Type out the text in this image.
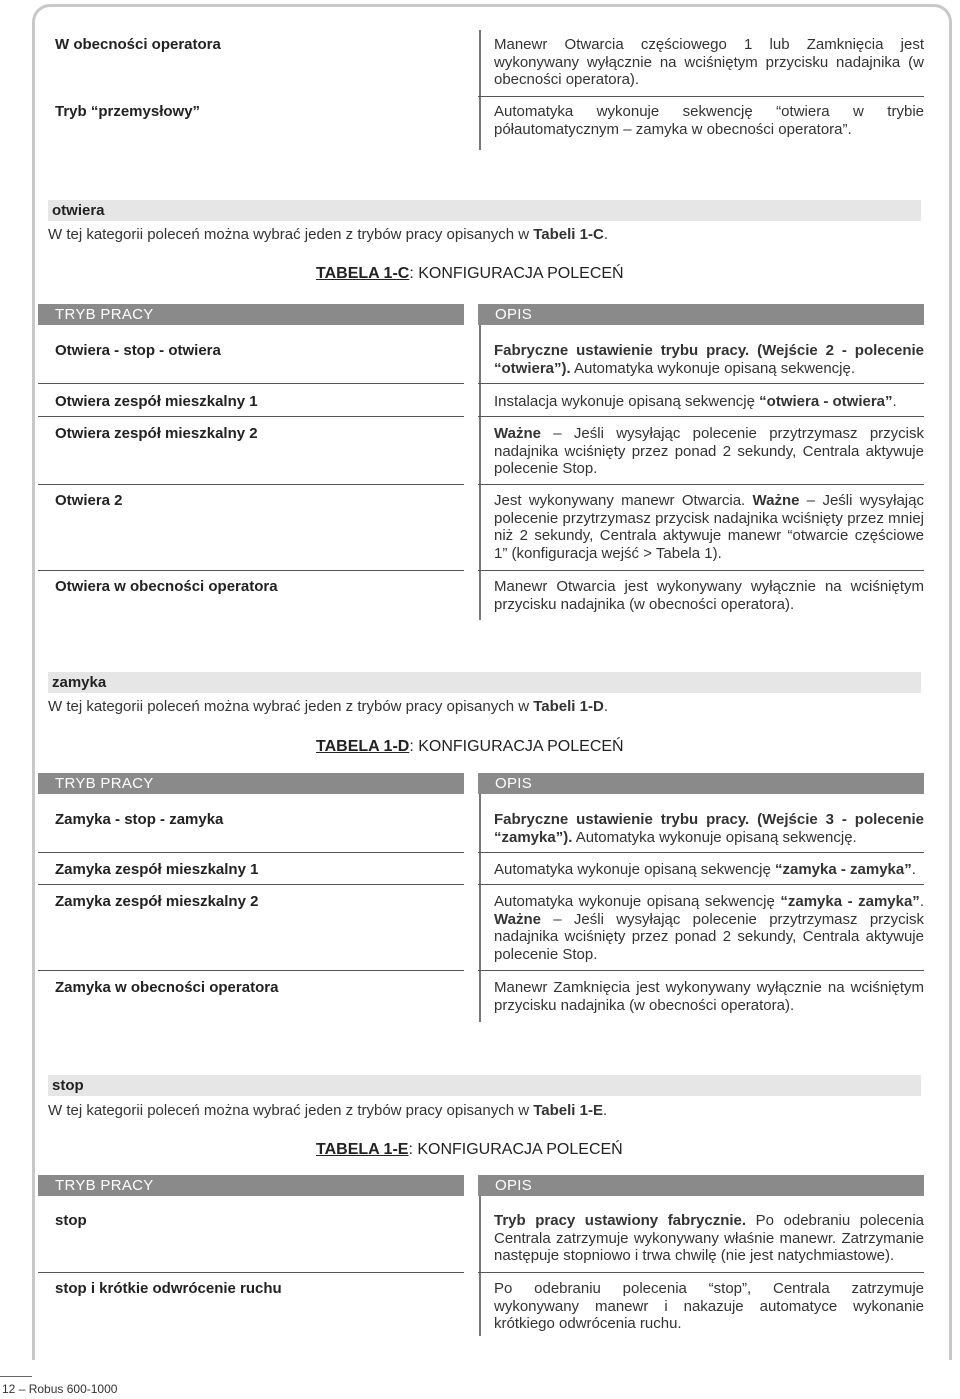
W obecności operatora	Manewr Otwarcia częściowego 1 lub Zamknięcia jest wykonywany wyłącznie na wciśniętym przycisku nadajnika (w obecności operatora).
Tryb “przemysłowy”	Automatyka wykonuje sekwencję “otwiera w trybie półautomatycznym – zamyka w obecności operatora”.
otwiera
W tej kategorii poleceń można wybrać jeden z trybów pracy opisanych w Tabeli 1-C.
TABELA 1-C: KONFIGURACJA POLECEŃ
TRYB PRACY	OPIS
Otwiera - stop - otwiera	Fabryczne ustawienie trybu pracy. (Wejście 2 - polecenie “otwiera”). Automatyka wykonuje opisaną sekwencję.
Otwiera zespół mieszkalny 1	Instalacja wykonuje opisaną sekwencję “otwiera - otwiera”.
Otwiera zespół mieszkalny 2	Ważne – Jeśli wysyłając polecenie przytrzymasz przycisk nadajnika wciśnięty przez ponad 2 sekundy, Centrala aktywuje polecenie Stop.
Otwiera 2	Jest wykonywany manewr Otwarcia. Ważne – Jeśli wysyłając polecenie przytrzymasz przycisk nadajnika wciśnięty przez mniej niż 2 sekundy, Centrala aktywuje manewr “otwarcie częściowe 1” (konfiguracja wejść > Tabela 1).
Otwiera w obecności operatora	Manewr Otwarcia jest wykonywany wyłącznie na wciśniętym przycisku nadajnika (w obecności operatora).
zamyka
W tej kategorii poleceń można wybrać jeden z trybów pracy opisanych w Tabeli 1-D.
TABELA 1-D: KONFIGURACJA POLECEŃ
TRYB PRACY	OPIS
Zamyka - stop - zamyka	Fabryczne ustawienie trybu pracy. (Wejście 3 - polecenie “zamyka”). Automatyka wykonuje opisaną sekwencję.
Zamyka zespół mieszkalny 1	Automatyka wykonuje opisaną sekwencję “zamyka - zamyka”.
Zamyka zespół mieszkalny 2	Automatyka wykonuje opisaną sekwencję “zamyka - zamyka”. Ważne – Jeśli wysyłając polecenie przytrzymasz przycisk nadajnika wciśnięty przez ponad 2 sekundy, Centrala aktywuje polecenie Stop.
Zamyka w obecności operatora	Manewr Zamknięcia jest wykonywany wyłącznie na wciśniętym przycisku nadajnika (w obecności operatora).
stop
W tej kategorii poleceń można wybrać jeden z trybów pracy opisanych w Tabeli 1-E.
TABELA 1-E: KONFIGURACJA POLECEŃ
TRYB PRACY	OPIS
stop	Tryb pracy ustawiony fabrycznie. Po odebraniu polecenia Centrala zatrzymuje wykonywany właśnie manewr. Zatrzymanie następuje stopniowo i trwa chwilę (nie jest natychmiastowe).
stop i krótkie odwrócenie ruchu	Po odebraniu polecenia “stop”, Centrala zatrzymuje wykonywany manewr i nakazuje automatyce wykonanie krótkiego odwrócenia ruchu.
12 – Robus 600-1000
